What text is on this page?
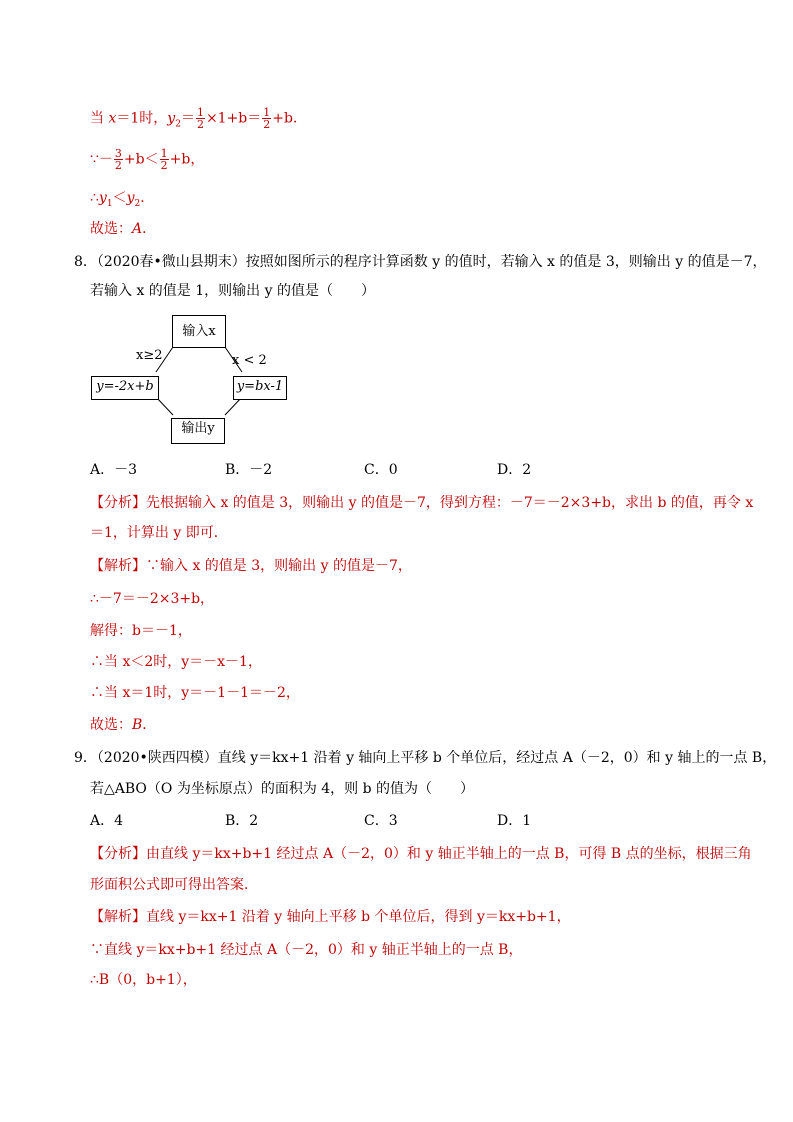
当 x＝1时，$y_2= \frac{1}{2} \times 1+b= \frac{1}{2} +b$．
∵－ $\frac{3}{2} +b< \frac{1}{2} +b$，
$\therefore y_1<y_2$．
故选：A．
8．（2020春•微山县期末）按照如图所示的程序计算函数 y 的值时，若输入 x 的值是 3，则输出 y 的值是－7，
若输入 x 的值是 1，则输出 y 的值是（　　）
输入x
y=-2x+b	y=bx-1
输出y
x≥2	x < 2
A．－3	B．－2	C．0	D．2
【分析】先根据输入 x 的值是 3，则输出 y 的值是－7，得到方程：－7＝－2×3+b，求出 b 的值，再令 x
＝1，计算出 y 即可．
【解析】∵输入 x 的值是 3，则输出 y 的值是－7，
∴－7＝－2×3+b，
解得：b＝－1，
∴当 x＜2时，y＝－x－1，
∴当 x＝1时，y＝－1－1＝－2，
故选：B．
9．（2020•陕西四模）直线 y＝kx+1 沿着 y 轴向上平移 b 个单位后，经过点 A（－2，0）和 y 轴上的一点 B，
若△ABO（O 为坐标原点）的面积为 4，则 b 的值为（　　）
A．4	B．2	C．3	D．1
【分析】由直线 y＝kx+b+1 经过点 A（－2，0）和 y 轴正半轴上的一点 B，可得 B 点的坐标，根据三角
形面积公式即可得出答案．
【解析】直线 y＝kx+1 沿着 y 轴向上平移 b 个单位后，得到 y＝kx+b+1，
∵直线 y＝kx+b+1 经过点 A（－2，0）和 y 轴正半轴上的一点 B，
∴B（0，b+1），
